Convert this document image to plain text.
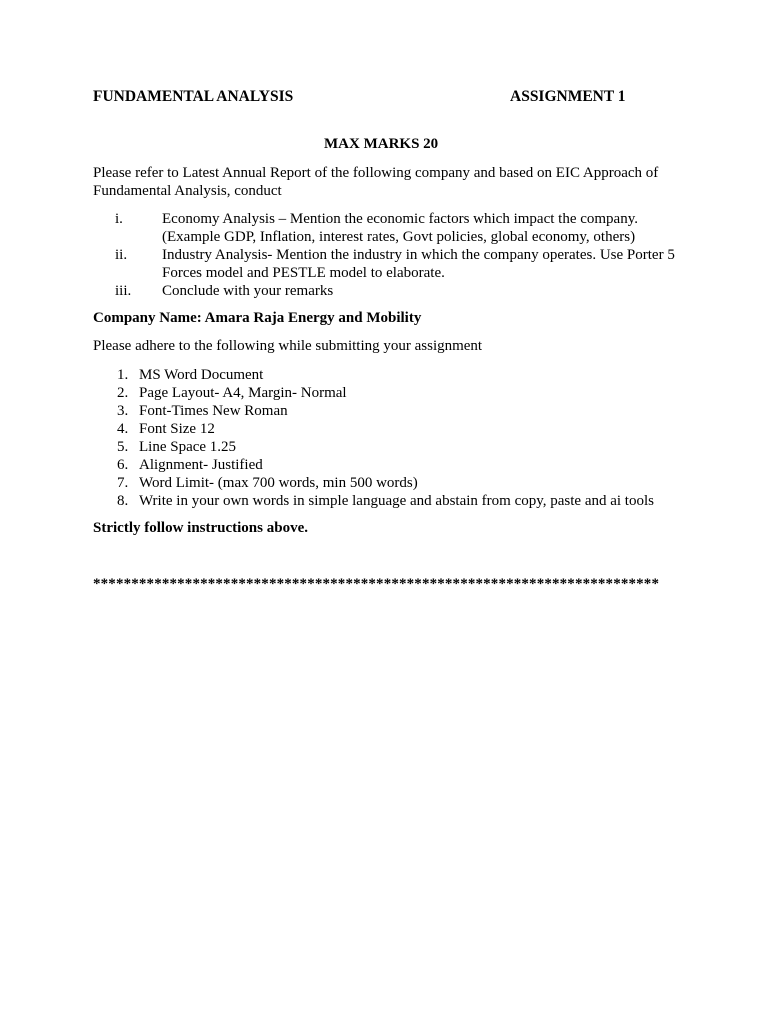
FUNDAMENTAL ANALYSIS	ASSIGNMENT 1
MAX MARKS 20
Please refer to Latest Annual Report of the following company and based on EIC Approach of Fundamental Analysis, conduct
i.	Economy Analysis – Mention the economic factors which impact the company. (Example GDP, Inflation, interest rates, Govt policies, global economy, others)
ii. Industry Analysis- Mention the industry in which the company operates. Use Porter 5 Forces model and PESTLE model to elaborate.
iii. Conclude with your remarks
Company Name: Amara Raja Energy and Mobility
Please adhere to the following while submitting your assignment
1. MS Word Document
2. Page Layout- A4, Margin- Normal
3. Font-Times New Roman
4. Font Size 12
5. Line Space 1.25
6. Alignment- Justified
7. Word Limit- (max 700 words, min 500 words)
8. Write in your own words in simple language and abstain from copy, paste and ai tools
Strictly follow instructions above.
**************************************************************************
